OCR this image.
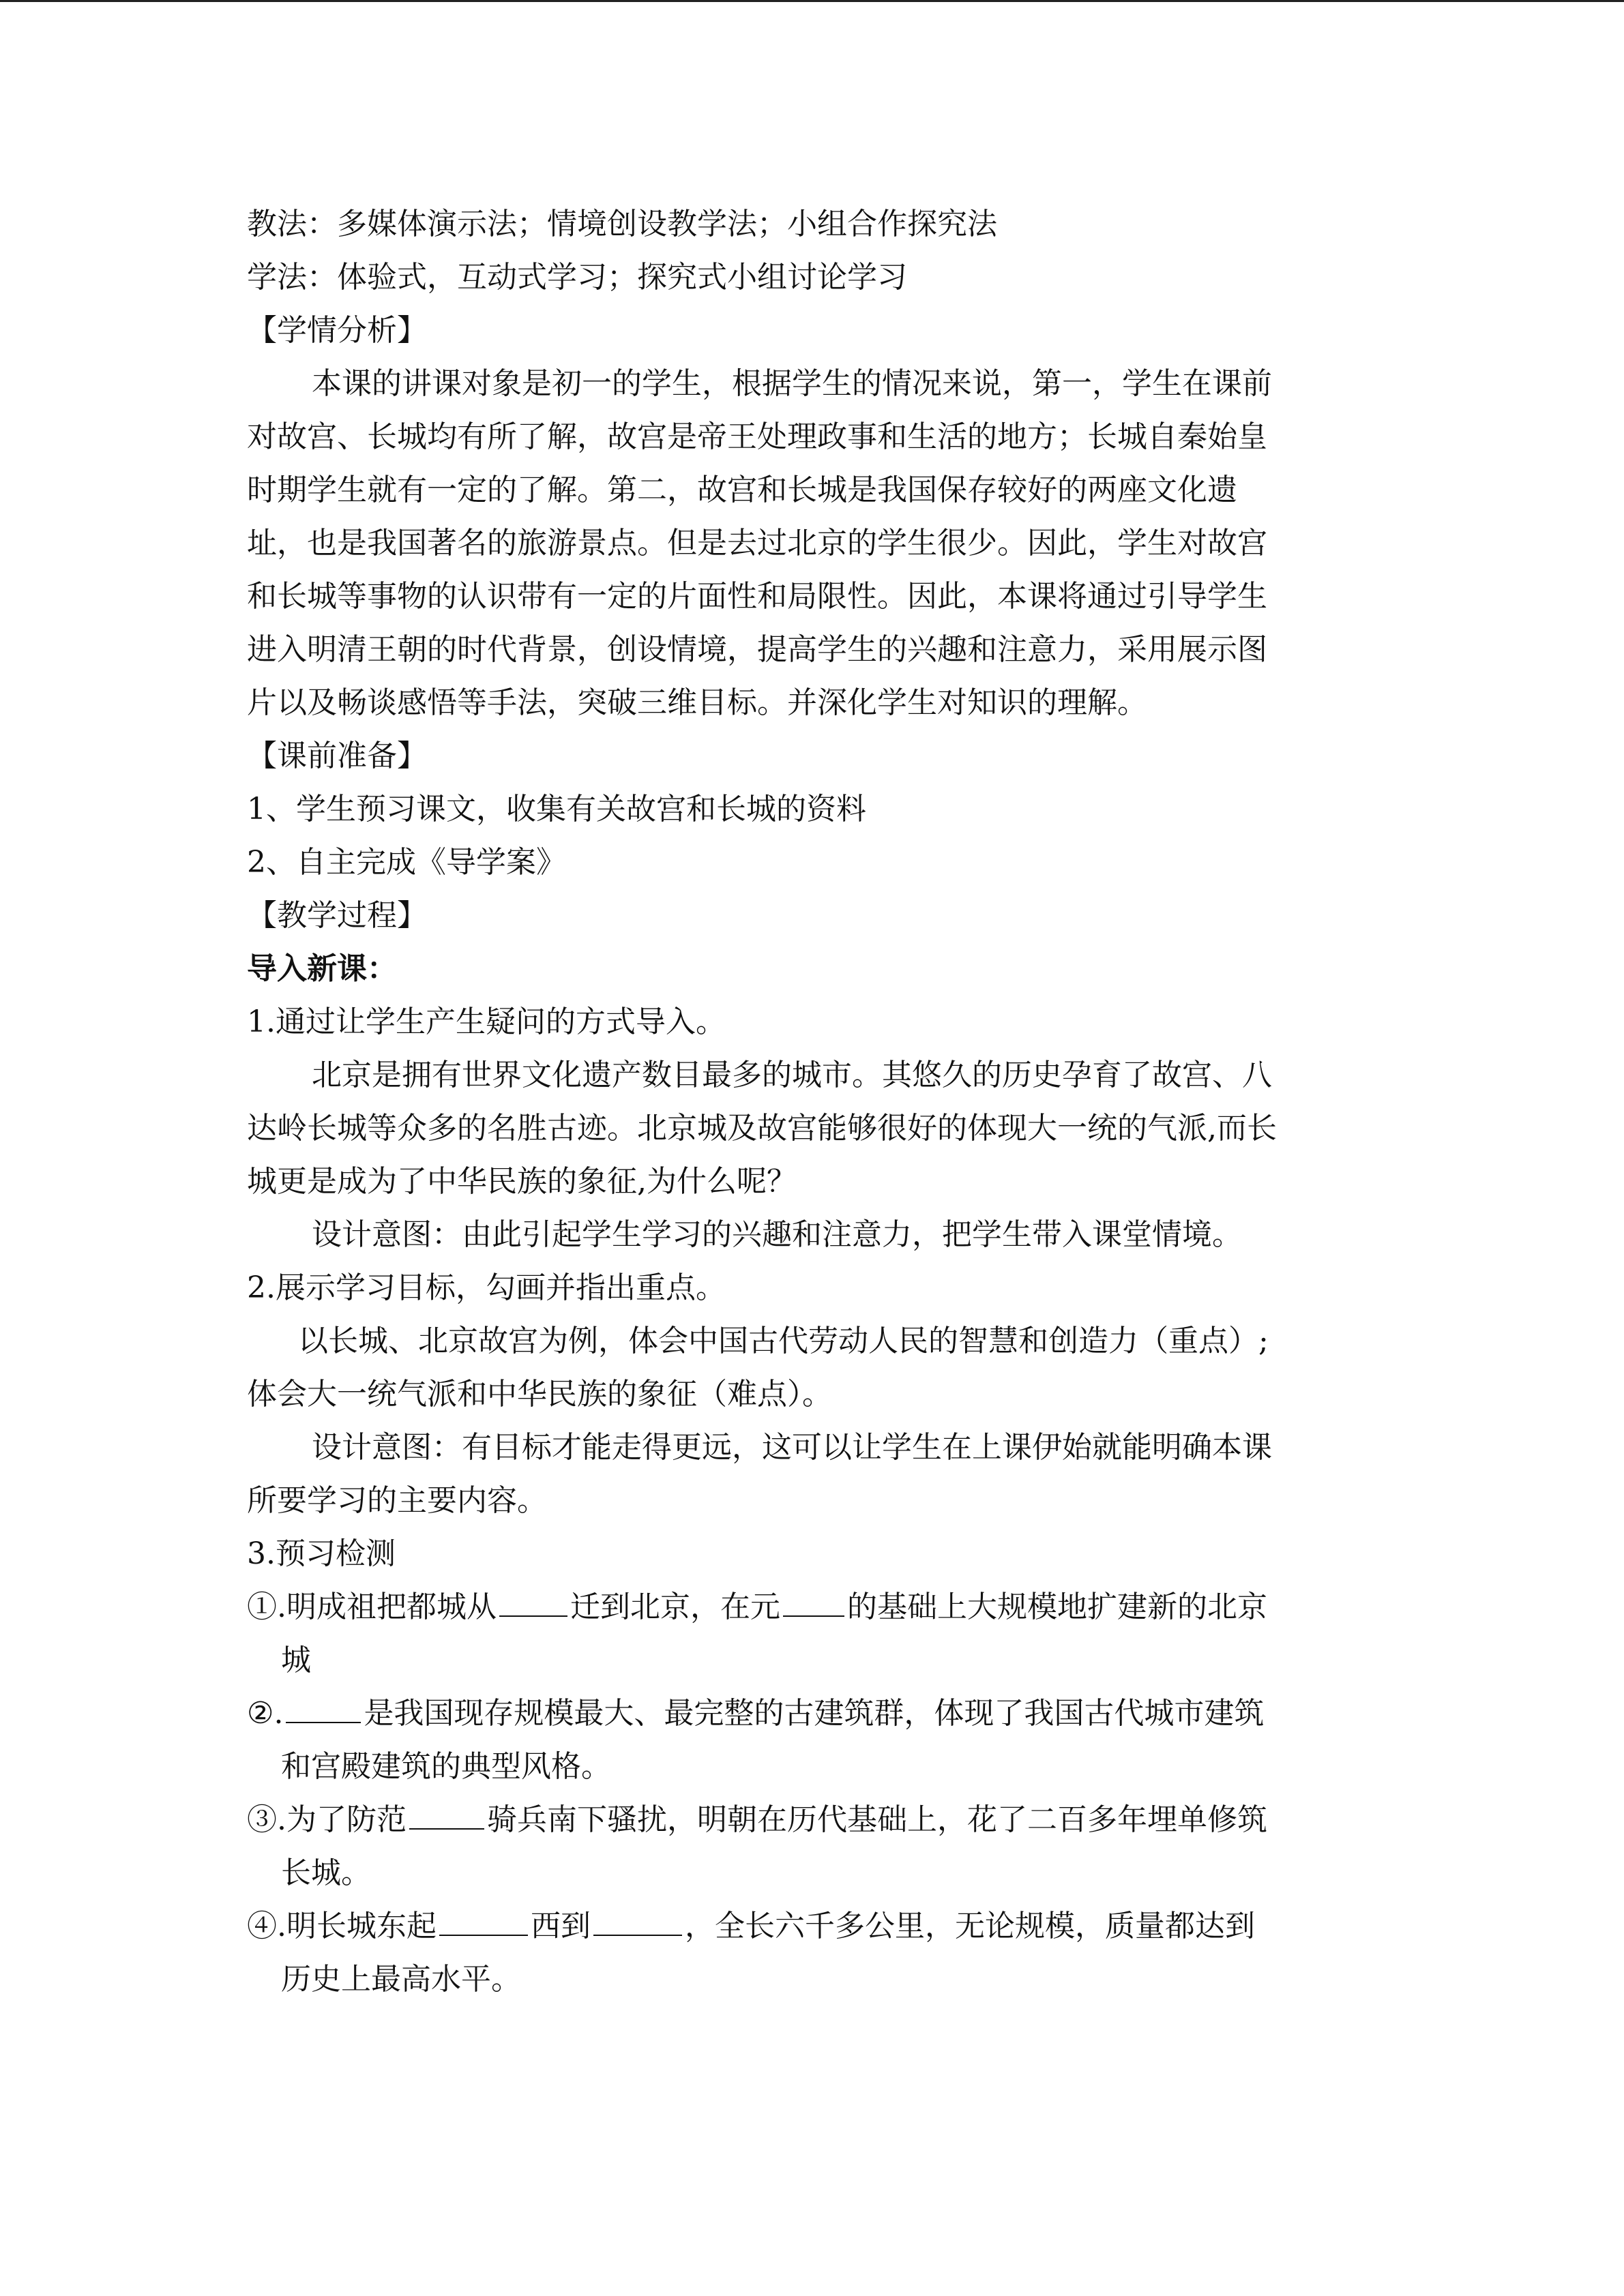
教法：多媒体演示法；情境创设教学法；小组合作探究法
学法：体验式，互动式学习；探究式小组讨论学习
【学情分析】
本课的讲课对象是初一的学生，根据学生的情况来说，第一，学生在课前
对故宫、长城均有所了解，故宫是帝王处理政事和生活的地方；长城自秦始皇
时期学生就有一定的了解。第二，故宫和长城是我国保存较好的两座文化遗
址，也是我国著名的旅游景点。但是去过北京的学生很少。因此，学生对故宫
和长城等事物的认识带有一定的片面性和局限性。因此，本课将通过引导学生
进入明清王朝的时代背景，创设情境，提高学生的兴趣和注意力，采用展示图
片以及畅谈感悟等手法，突破三维目标。并深化学生对知识的理解。
【课前准备】
1、学生预习课文，收集有关故宫和长城的资料
2、自主完成《导学案》
【教学过程】
导入新课：
1.通过让学生产生疑问的方式导入。
北京是拥有世界文化遗产数目最多的城市。其悠久的历史孕育了故宫、八
达岭长城等众多的名胜古迹。北京城及故宫能够很好的体现大一统的气派,而长
城更是成为了中华民族的象征,为什么呢？
设计意图：由此引起学生学习的兴趣和注意力，把学生带入课堂情境。
2.展示学习目标，勾画并指出重点。
以长城、北京故宫为例，体会中国古代劳动人民的智慧和创造力（重点）;
体会大一统气派和中华民族的象征（难点）。
设计意图：有目标才能走得更远，这可以让学生在上课伊始就能明确本课
所要学习的主要内容。
3.预习检测
①.明成祖把都城从 迁到北京，在元 的基础上大规模地扩建新的北京
城
②.	是我国现存规模最大、最完整的古建筑群，体现了我国古代城市建筑
和宫殿建筑的典型风格。
③.为了防范	骑兵南下骚扰，明朝在历代基础上，花了二百多年埋单修筑
长城。
④.明长城东起	西到	，全长六千多公里，无论规模，质量都达到
历史上最高水平。
